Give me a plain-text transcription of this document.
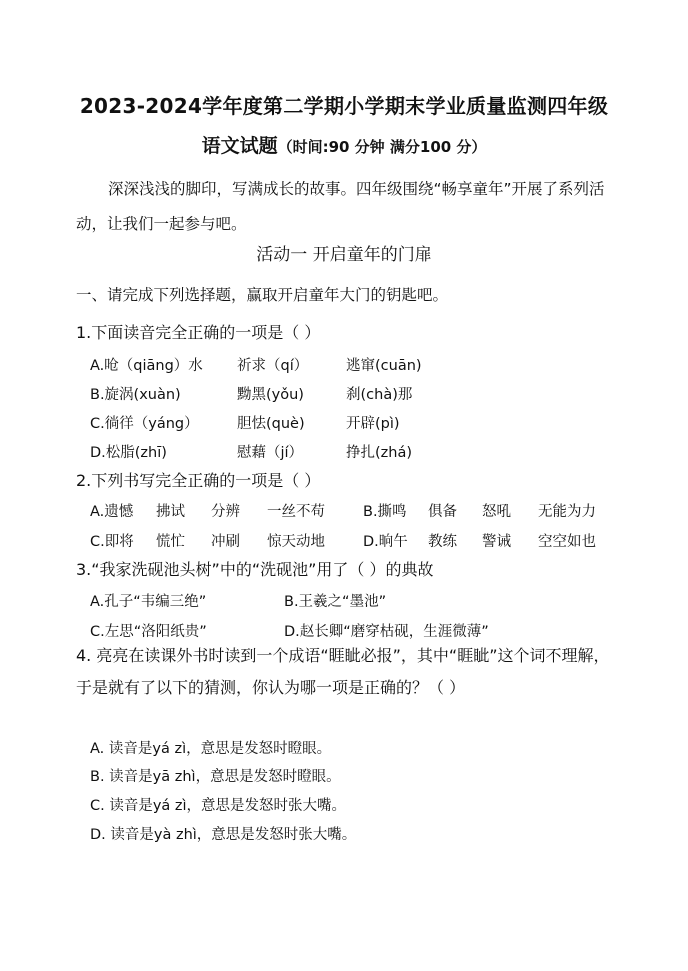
2023-2024学年度第二学期小学期末学业质量监测四年级
语文试题（时间:90 分钟 满分100 分）
深深浅浅的脚印，写满成长的故事。四年级围绕“畅享童年”开展了系列活动，让我们一起参与吧。
活动一 开启童年的门扉
一、请完成下列选择题，赢取开启童年大门的钥匙吧。
1.下面读音完全正确的一项是（ ）
A.呛（qiāng）水 祈求（qí）	逃窜(cuān)
B.旋涡(xuàn)	黝黑(yǒu)	刹(chà)那
C.徜徉（yáng）	胆怯(què)	开辟(pì)
D.松脂(zhī)	慰藉（jí）	挣扎(zhá)
2.下列书写完全正确的一项是（ ）
A.遗憾 拂试 分辨 一丝不苟	B.撕鸣 俱备 怒吼 无能为力
C.即将 慌忙 冲刷 惊天动地	D.晌午 教练 警诫 空空如也
3.“我家洗砚池头树”中的“洗砚池”用了（ ）的典故
A.孔子“韦编三绝”	B.王羲之“墨池”
C.左思“洛阳纸贵”	D.赵长卿“磨穿枯砚，生涯微薄”
4. 亮亮在读课外书时读到一个成语“睚眦必报”，其中“睚眦”这个词不理解，于是就有了以下的猜测，你认为哪一项是正确的？（ ）
A. 读音是yá zì，意思是发怒时瞪眼。
B. 读音是yā zhì，意思是发怒时瞪眼。
C. 读音是yá zì，意思是发怒时张大嘴。
D. 读音是yà zhì，意思是发怒时张大嘴。
